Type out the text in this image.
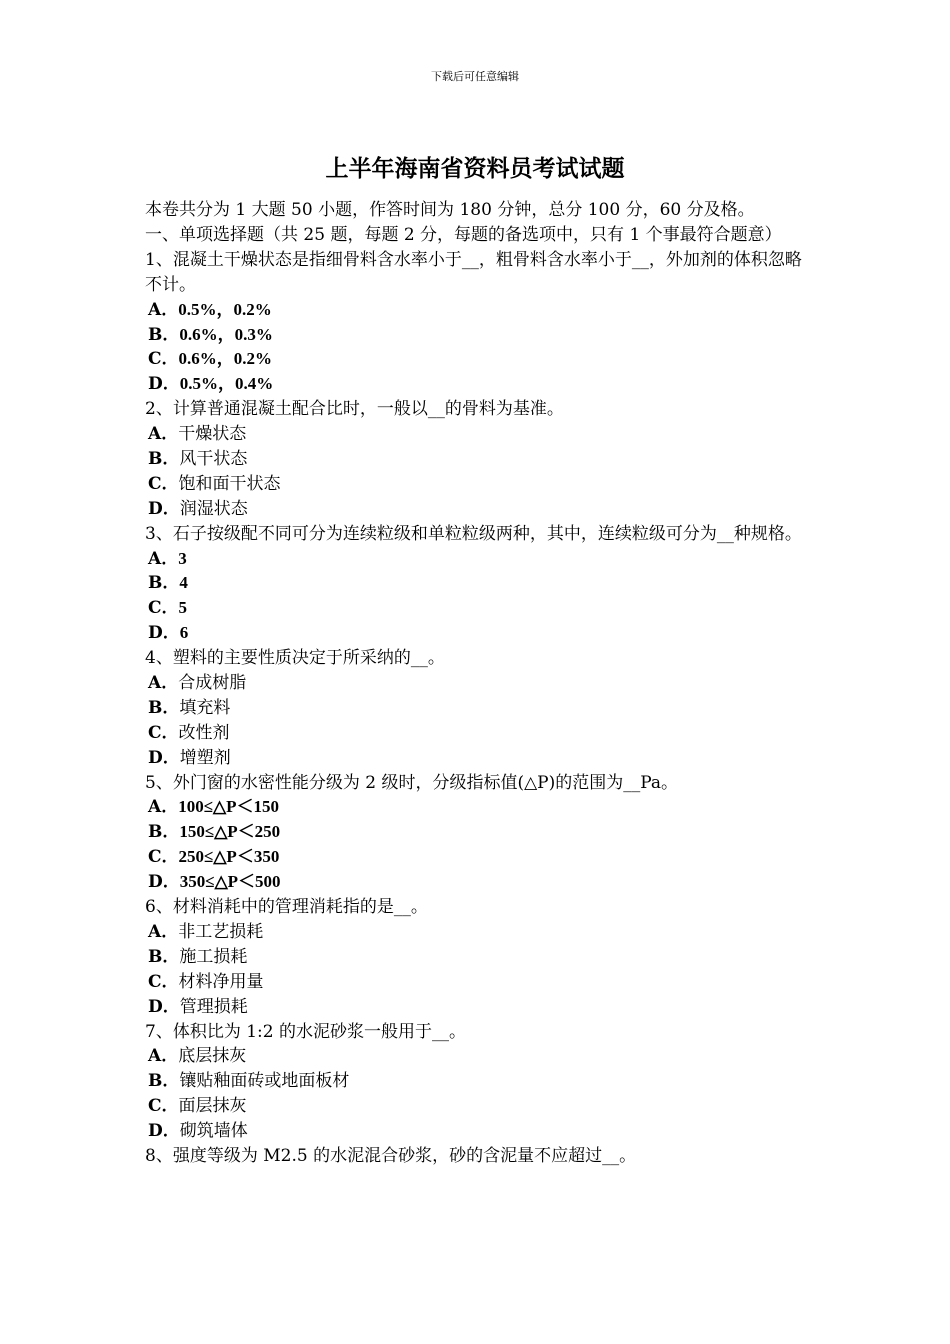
下载后可任意编辑
上半年海南省资料员考试试题
本卷共分为 1 大题 50 小题，作答时间为 180 分钟，总分 100 分，60 分及格。
一、单项选择题（共 25 题，每题 2 分，每题的备选项中，只有 1 个事最符合题意）
1、混凝土干燥状态是指细骨料含水率小于__，粗骨料含水率小于__，外加剂的体积忽略不计。
A．0.5%，0.2%
B．0.6%，0.3%
C．0.6%，0.2%
D．0.5%，0.4%
2、计算普通混凝土配合比时，一般以__的骨料为基准。
A．干燥状态
B．风干状态
C．饱和面干状态
D．润湿状态
3、石子按级配不同可分为连续粒级和单粒粒级两种，其中，连续粒级可分为__种规格。
A．3
B．4
C．5
D．6
4、塑料的主要性质决定于所采纳的__。
A．合成树脂
B．填充料
C．改性剂
D．增塑剂
5、外门窗的水密性能分级为 2 级时，分级指标值(△P)的范围为__Pa。
A．100≤△P＜150
B．150≤△P＜250
C．250≤△P＜350
D．350≤△P＜500
6、材料消耗中的管理消耗指的是__。
A．非工艺损耗
B．施工损耗
C．材料净用量
D．管理损耗
7、体积比为 1:2 的水泥砂浆一般用于__。
A．底层抹灰
B．镶贴釉面砖或地面板材
C．面层抹灰
D．砌筑墙体
8、强度等级为 M2.5 的水泥混合砂浆，砂的含泥量不应超过__。
